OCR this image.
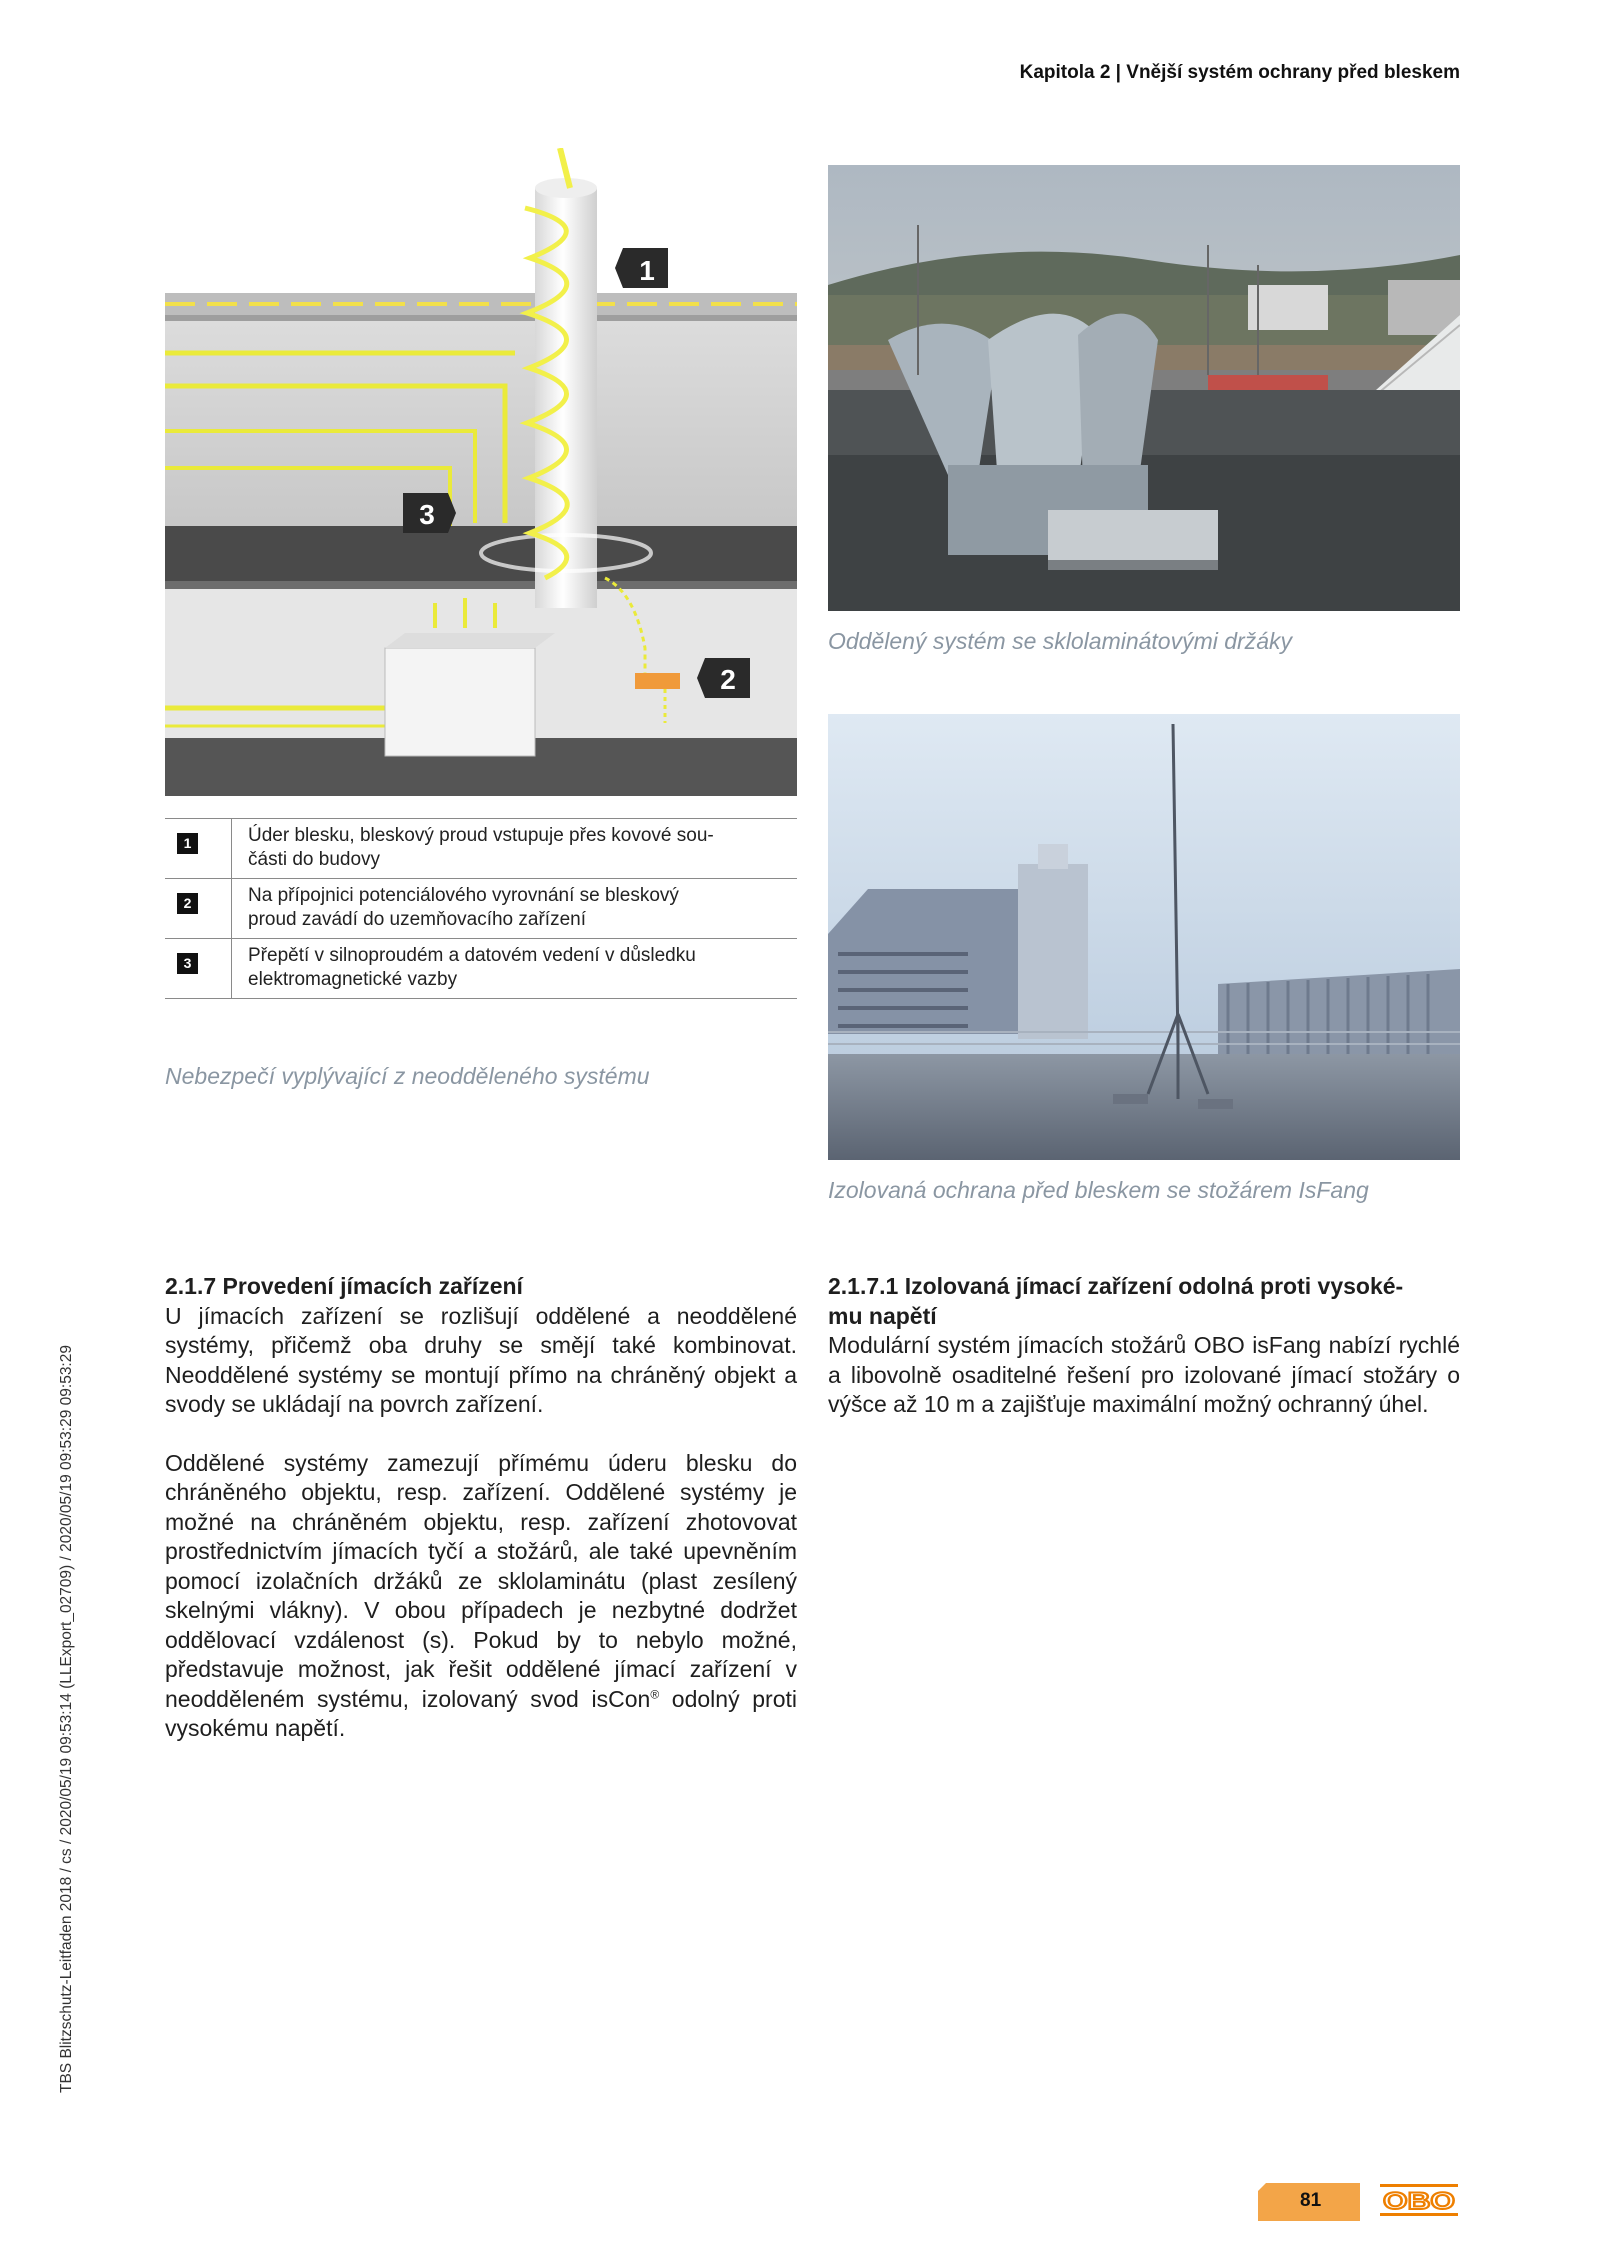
Kapitola 2 | Vnější systém ochrany před bleskem
1
2
3
1	Úder blesku, bleskový proud vstupuje přes kovové sou-
části do budovy
2	Na přípojnici potenciálového vyrovnání se bleskový
proud zavádí do uzemňovacího zařízení
3	Přepětí v silnoproudém a datovém vedení v důsledku
elektromagnetické vazby
Nebezpečí vyplývající z neodděleného systému
Oddělený systém se sklolaminátovými držáky
Izolovaná ochrana před bleskem se stožárem IsFang
2.1.7 Provedení jímacích zařízení

U jímacích zařízení se rozlišují oddělené a neoddělené systémy, přičemž oba druhy se smějí také kombinovat. Neoddělené systémy se montují přímo na chráněný objekt a svody se ukládají na povrch zařízení.

Oddělené systémy zamezují přímému úderu blesku do chráněného objektu, resp. zařízení. Oddělené systémy je možné na chráněném objektu, resp. zařízení zhotovovat prostřednictvím jímacích tyčí a stožárů, ale také upevněním pomocí izolačních držáků ze sklolaminátu (plast zesílený skelnými vlákny). V obou případech je nezbytné dodržet oddělovací vzdálenost (s). Pokud by to nebylo možné, představuje možnost, jak řešit oddělené jímací zařízení v neodděleném systému, izolovaný svod isCon® odolný proti vysokému napětí.

2.1.7.1 Izolovaná jímací zařízení odolná proti vysoké-
mu napětí

Modulární systém jímacích stožárů OBO isFang nabízí rychlé a libovolně osaditelné řešení pro izolované jímací stožáry o výšce až 10 m a zajišťuje maximální možný ochranný úhel.

TBS Blitzschutz-Leitfaden 2018 / cs / 2020/05/19 09:53:14 (LLExport_02709) / 2020/05/19 09:53:29 09:53:29
81	OBO
